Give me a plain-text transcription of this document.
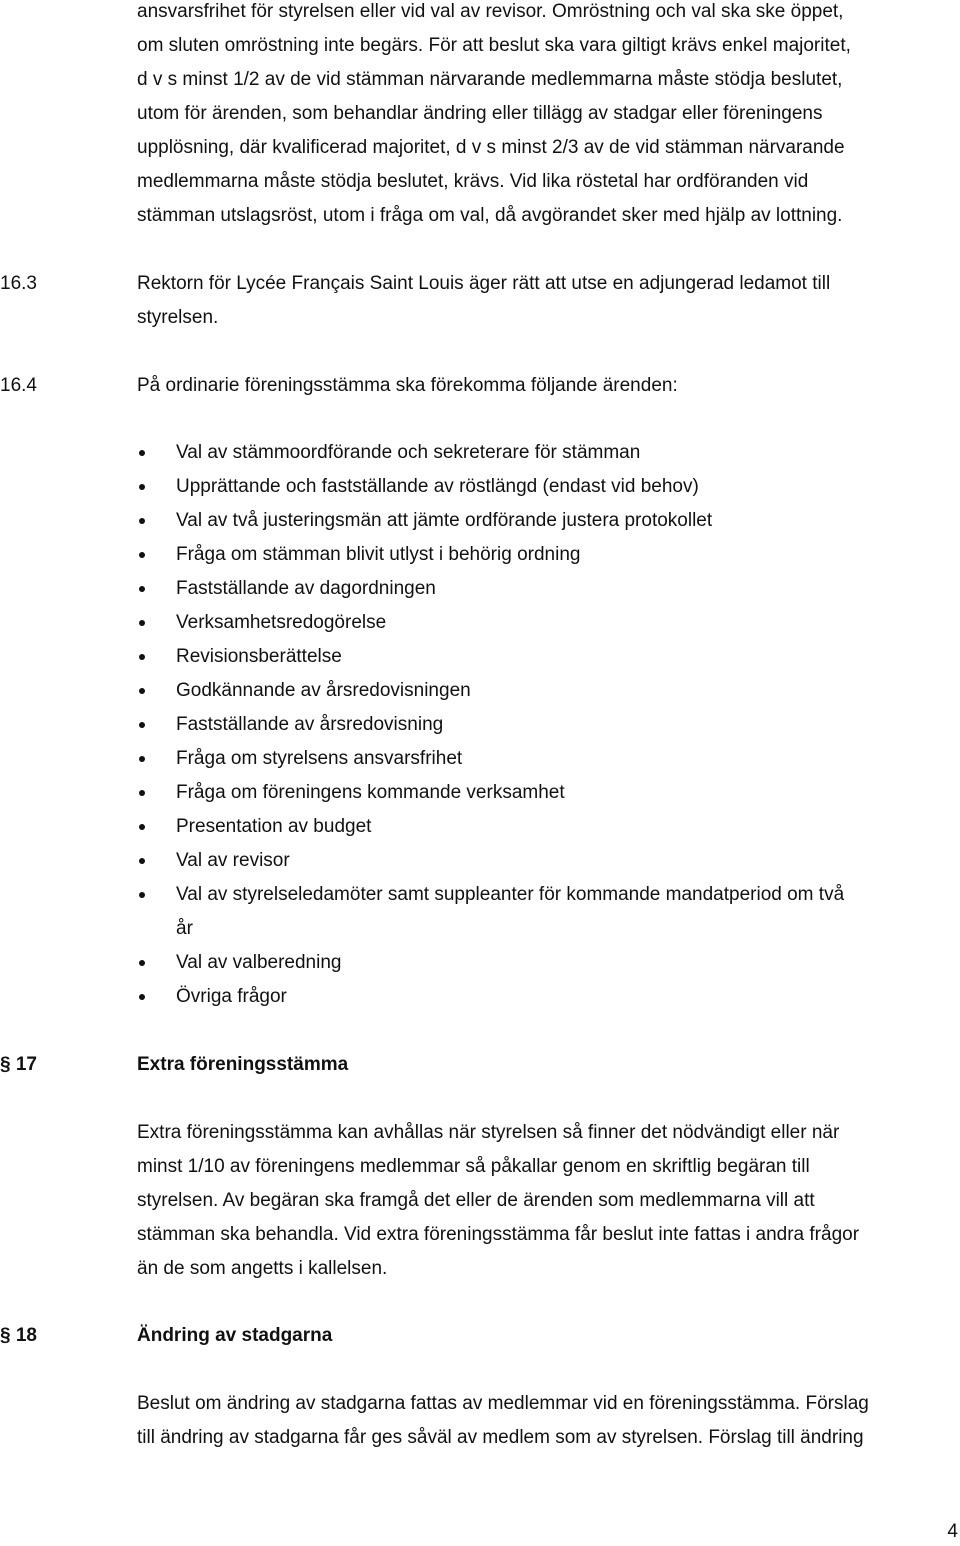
ansvarsfrihet för styrelsen eller vid val av revisor. Omröstning och val ska ske öppet,

om sluten omröstning inte begärs. För att beslut ska vara giltigt krävs enkel majoritet,

d v s minst 1/2 av de vid stämman närvarande medlemmarna måste stödja beslutet,

utom för ärenden, som behandlar ändring eller tillägg av stadgar eller föreningens

upplösning, där kvalificerad majoritet, d v s minst 2/3 av de vid stämman närvarande

medlemmarna måste stödja beslutet, krävs. Vid lika röstetal har ordföranden vid

stämman utslagsröst, utom i fråga om val, då avgörandet sker med hjälp av lottning.

16.3	Rektorn för Lycée Français Saint Louis äger rätt att utse en adjungerad ledamot till

styrelsen.

16.4	På ordinarie föreningsstämma ska förekomma följande ärenden:

Val av stämmoordförande och sekreterare för stämman

Upprättande och fastställande av röstlängd (endast vid behov)

Val av två justeringsmän att jämte ordförande justera protokollet

Fråga om stämman blivit utlyst i behörig ordning

Fastställande av dagordningen

Verksamhetsredogörelse

Revisionsberättelse

Godkännande av årsredovisningen

Fastställande av årsredovisning

Fråga om styrelsens ansvarsfrihet

Fråga om föreningens kommande verksamhet

Presentation av budget

Val av revisor

Val av styrelseledamöter samt suppleanter för kommande mandatperiod om två

år

Val av valberedning

Övriga frågor

§ 17	Extra föreningsstämma

Extra föreningsstämma kan avhållas när styrelsen så finner det nödvändigt eller när

minst 1/10 av föreningens medlemmar så påkallar genom en skriftlig begäran till

styrelsen. Av begäran ska framgå det eller de ärenden som medlemmarna vill att

stämman ska behandla. Vid extra föreningsstämma får beslut inte fattas i andra frågor

än de som angetts i kallelsen.

§ 18	Ändring av stadgarna

Beslut om ändring av stadgarna fattas av medlemmar vid en föreningsstämma. Förslag

till ändring av stadgarna får ges såväl av medlem som av styrelsen. Förslag till ändring

4
